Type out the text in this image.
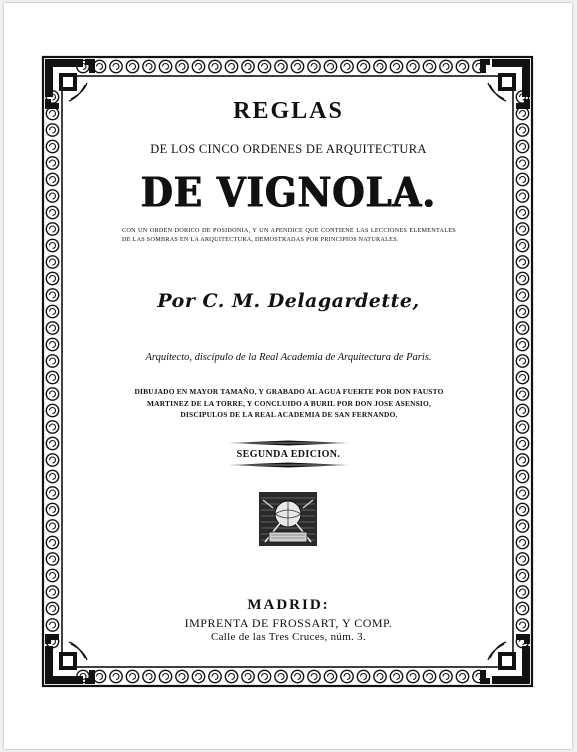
REGLAS
DE LOS CINCO ORDENES DE ARQUITECTURA
DE VIGNOLA.
CON UN ORDEN DORICO DE POSIDONIA, Y UN APENDICE QUE CONTIENE LAS LECCIONES ELEMENTALES DE LAS SOMBRAS EN LA ARQUITECTURA, DEMOSTRADAS POR PRINCIPIOS NATURALES.
Por C. M. Delagardette,
Arquitecto, discípulo de la Real Academia de Arquitectura de Paris.
DIBUJADO EN MAYOR TAMAÑO, Y GRABADO AL AGUA FUERTE POR DON FAUSTO MARTINEZ DE LA TORRE, Y CONCLUIDO A BURIL POR DON JOSE ASENSIO, DISCIPULOS DE LA REAL ACADEMIA DE SAN FERNANDO.
SEGUNDA EDICION.
MADRID:
IMPRENTA DE FROSSART, Y COMP.
Calle de las Tres Cruces, núm. 3.
